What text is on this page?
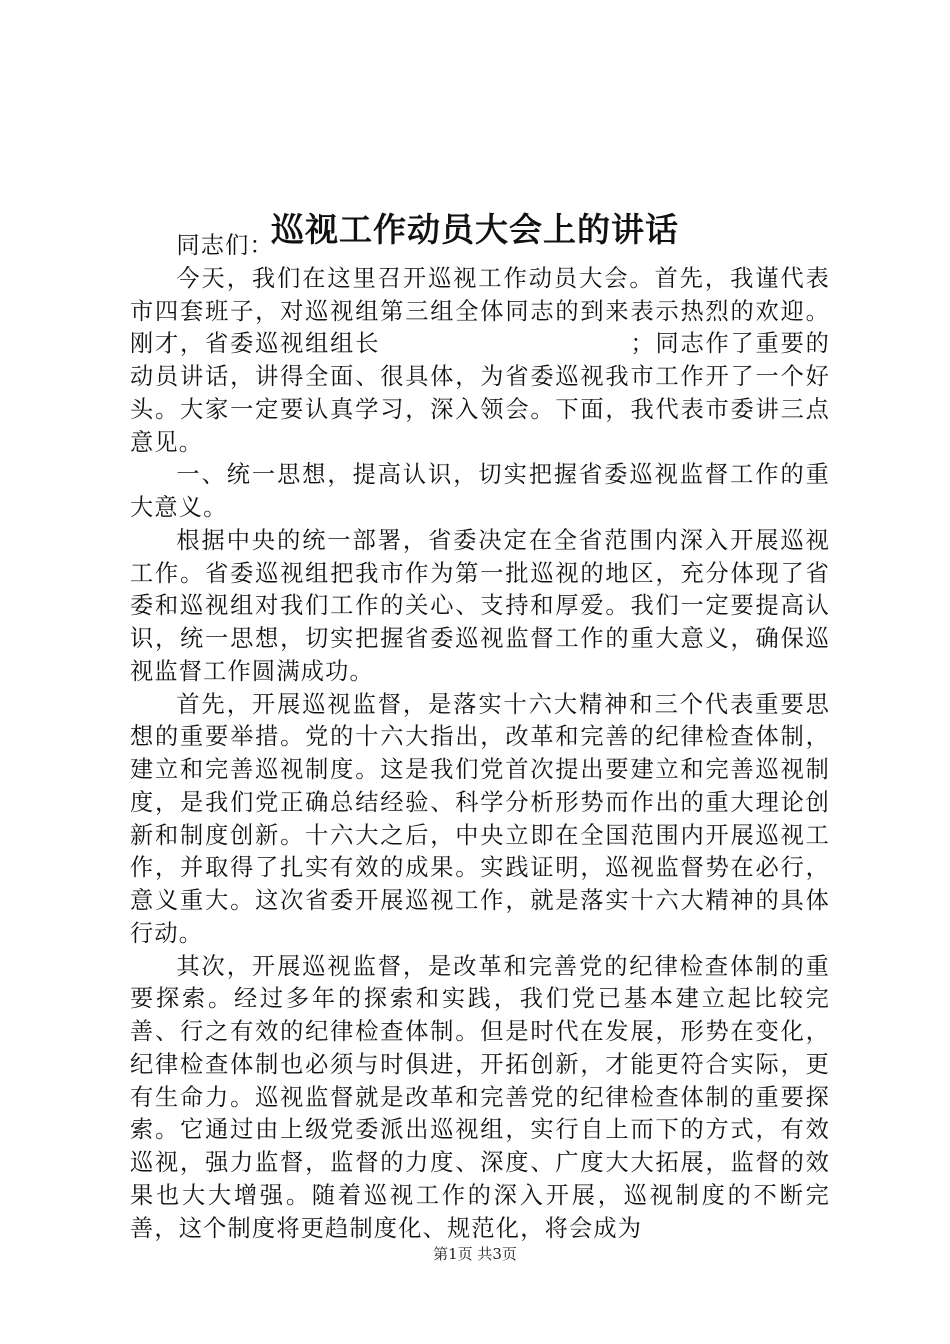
巡视工作动员大会上的讲话

同志们：

今天，我们在这里召开巡视工作动员大会。首先，我谨代表市四套班子，对巡视组第三组全体同志的到来表示热烈的欢迎。刚才，省委巡视组组长　　　　　　　　　　；同志作了重要的动员讲话，讲得全面、很具体，为省委巡视我市工作开了一个好头。大家一定要认真学习，深入领会。下面，我代表市委讲三点意见。

一、统一思想，提高认识，切实把握省委巡视监督工作的重大意义。

根据中央的统一部署，省委决定在全省范围内深入开展巡视工作。省委巡视组把我市作为第一批巡视的地区，充分体现了省委和巡视组对我们工作的关心、支持和厚爱。我们一定要提高认识，统一思想，切实把握省委巡视监督工作的重大意义，确保巡视监督工作圆满成功。

首先，开展巡视监督，是落实十六大精神和三个代表重要思想的重要举措。党的十六大指出，改革和完善的纪律检查体制，建立和完善巡视制度。这是我们党首次提出要建立和完善巡视制度，是我们党正确总结经验、科学分析形势而作出的重大理论创新和制度创新。十六大之后，中央立即在全国范围内开展巡视工作，并取得了扎实有效的成果。实践证明，巡视监督势在必行，意义重大。这次省委开展巡视工作，就是落实十六大精神的具体行动。

其次，开展巡视监督，是改革和完善党的纪律检查体制的重要探索。经过多年的探索和实践，我们党已基本建立起比较完善、行之有效的纪律检查体制。但是时代在发展，形势在变化，纪律检查体制也必须与时俱进，开拓创新，才能更符合实际，更有生命力。巡视监督就是改革和完善党的纪律检查体制的重要探索。它通过由上级党委派出巡视组，实行自上而下的方式，有效巡视，强力监督，监督的力度、深度、广度大大拓展，监督的效果也大大增强。随着巡视工作的深入开展，巡视制度的不断完善，这个制度将更趋制度化、规范化，将会成为

第1页 共3页
